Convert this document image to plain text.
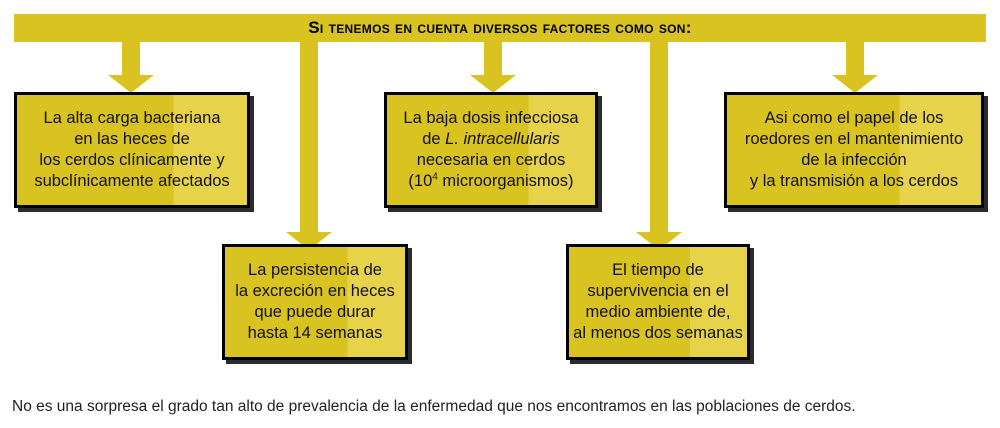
Si tenemos en cuenta diversos factores como son:
La alta carga bacteriana
en las heces de
los cerdos clínicamente y
subclínicamente afectados
La baja dosis infecciosa
de L. intracellularis
necesaria en cerdos
($10^4$ microorganismos)
Asi como el papel de los
roedores en el mantenimiento
de la infección
y la transmisión a los cerdos
La persistencia de
la excreción en heces
que puede durar
hasta 14 semanas
El tiempo de
supervivencia en el
medio ambiente de,
al menos dos semanas
No es una sorpresa el grado tan alto de prevalencia de la enfermedad que nos encontramos en las poblaciones de cerdos.
